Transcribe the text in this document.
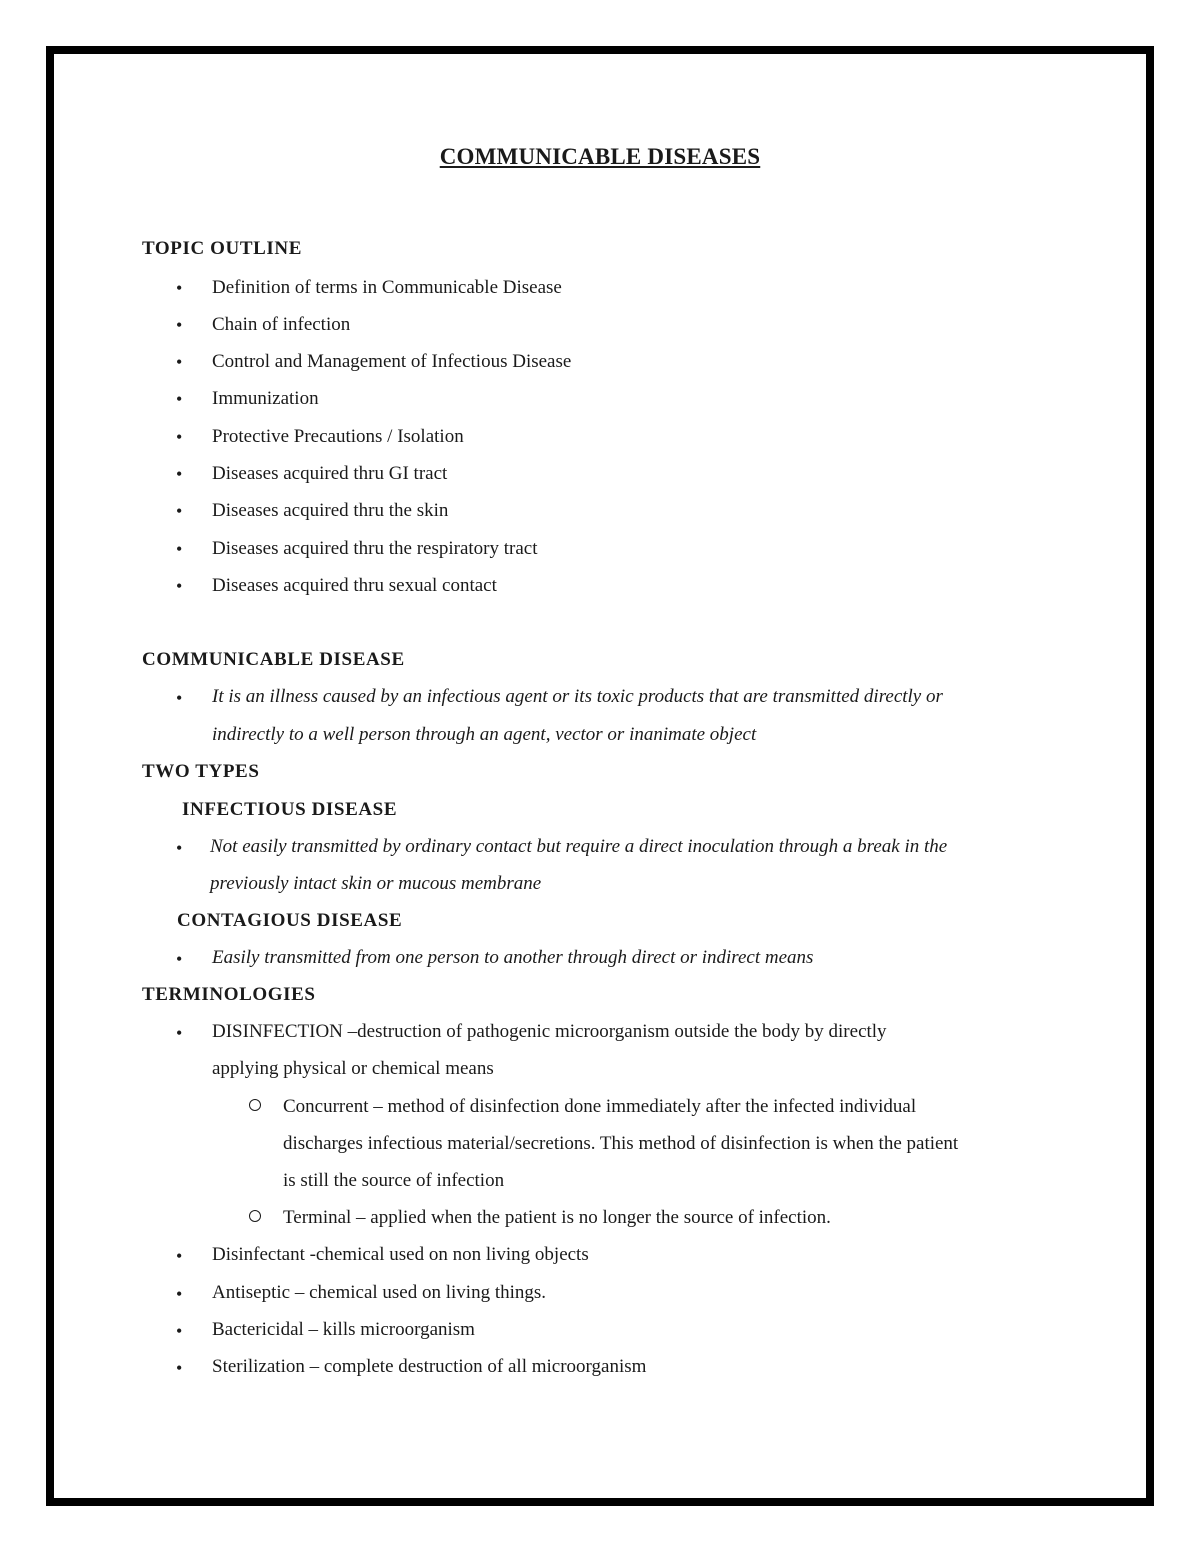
COMMUNICABLE DISEASES
TOPIC OUTLINE
• Definition of terms in Communicable Disease
• Chain of infection
• Control and Management of Infectious Disease
• Immunization
• Protective Precautions / Isolation
• Diseases acquired thru GI tract
• Diseases acquired thru the skin
• Diseases acquired thru the respiratory tract
• Diseases acquired thru sexual contact
COMMUNICABLE DISEASE
• It is an illness caused by an infectious agent or its toxic products that are transmitted directly or
indirectly to a well person through an agent, vector or inanimate object
TWO TYPES
INFECTIOUS DISEASE
• Not easily transmitted by ordinary contact but require a direct inoculation through a break in the
previously intact skin or mucous membrane
CONTAGIOUS DISEASE
• Easily transmitted from one person to another through direct or indirect means
TERMINOLOGIES
• DISINFECTION –destruction of pathogenic microorganism outside the body by directly
applying physical or chemical means
Concurrent – method of disinfection done immediately after the infected individual
discharges infectious material/secretions. This method of disinfection is when the patient
is still the source of infection
Terminal – applied when the patient is no longer the source of infection.
• Disinfectant -chemical used on non living objects
• Antiseptic – chemical used on living things.
• Bactericidal – kills microorganism
• Sterilization – complete destruction of all microorganism
